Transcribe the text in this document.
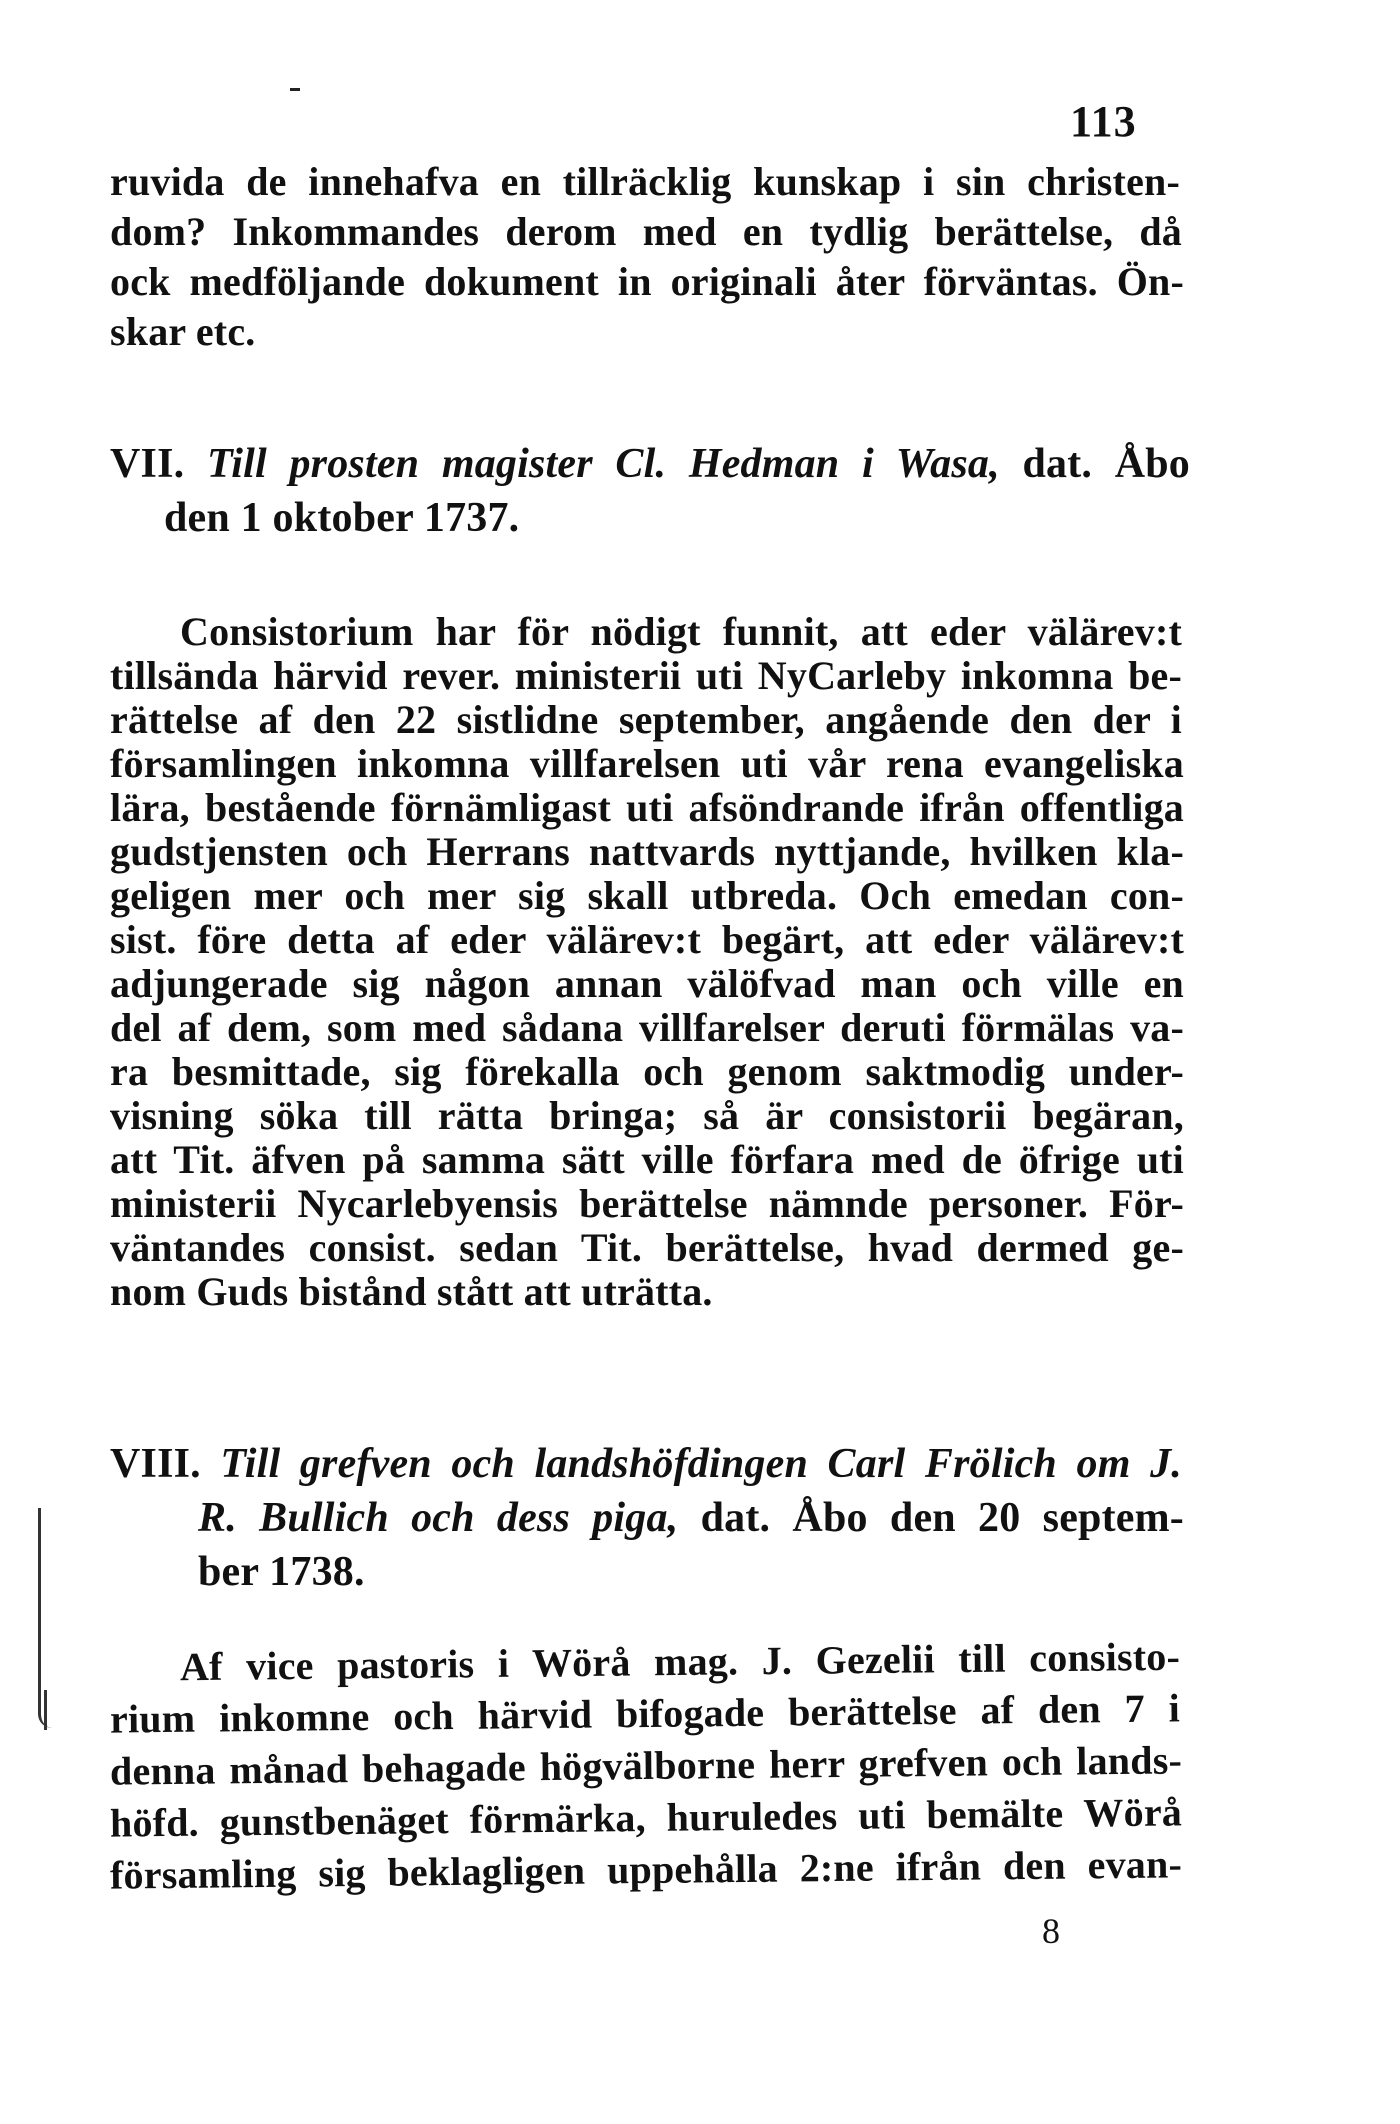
113
ruvida de innehafva en tillräcklig kunskap i sin christen-
dom? Inkommandes derom med en tydlig berättelse, då
ock medföljande dokument in originali åter förväntas. Ön-
skar etc.
VII. Till prosten magister Cl. Hedman i Wasa, dat. Åbo
den 1 oktober 1737.
Consistorium har för nödigt funnit, att eder välärev:t
tillsända härvid rever. ministerii uti NyCarleby inkomna be-
rättelse af den 22 sistlidne september, angående den der i
församlingen inkomna villfarelsen uti vår rena evangeliska
lära, bestående förnämligast uti afsöndrande ifrån offentliga
gudstjensten och Herrans nattvards nyttjande, hvilken kla-
geligen mer och mer sig skall utbreda. Och emedan con-
sist. före detta af eder välärev:t begärt, att eder välärev:t
adjungerade sig någon annan välöfvad man och ville en
del af dem, som med sådana villfarelser deruti förmälas va-
ra besmittade, sig förekalla och genom saktmodig under-
visning söka till rätta bringa; så är consistorii begäran,
att Tit. äfven på samma sätt ville förfara med de öfrige uti
ministerii Nycarlebyensis berättelse nämnde personer. För-
väntandes consist. sedan Tit. berättelse, hvad dermed ge-
nom Guds bistånd stått att uträtta.
VIII. Till grefven och landshöfdingen Carl Frölich om J.
R. Bullich och dess piga, dat. Åbo den 20 septem-
ber 1738.
Af vice pastoris i Wörå mag. J. Gezelii till consisto-
rium inkomne och härvid bifogade berättelse af den 7 i
denna månad behagade högvälborne herr grefven och lands-
höfd. gunstbenäget förmärka, huruledes uti bemälte Wörå
församling sig beklagligen uppehålla 2:ne ifrån den evan-
8
